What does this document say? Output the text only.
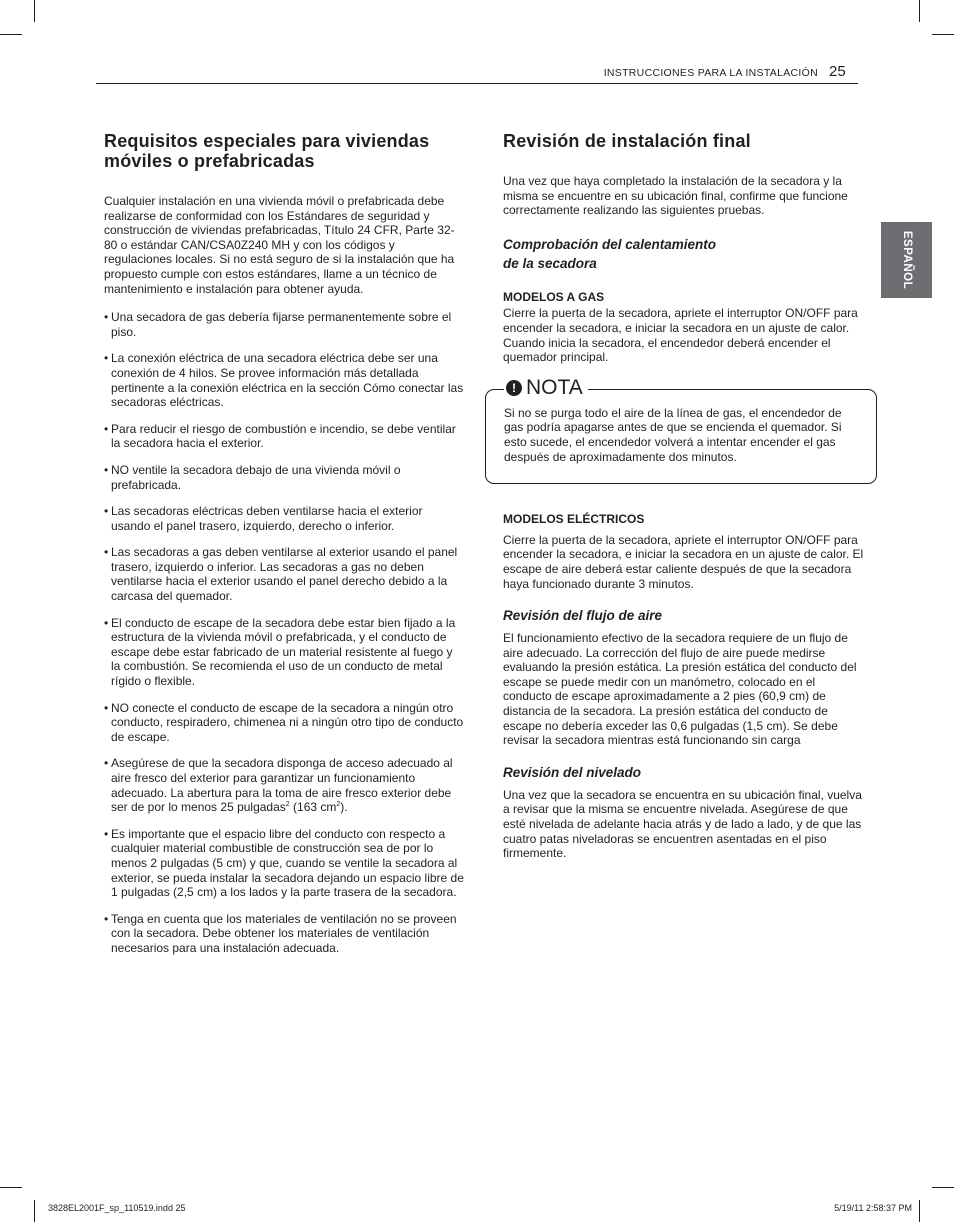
INSTRUCCIONES PARA LA INSTALACIÓN 25
ESPAÑOL
Requisitos especiales para viviendas móviles o prefabricadas

Cualquier instalación en una vivienda móvil o prefabricada debe realizarse de conformidad con los Estándares de seguridad y construcción de viviendas prefabricadas, Título 24 CFR, Parte 32-80 o estándar CAN/CSA0Z240 MH y con los códigos y regulaciones locales. Si no está seguro de si la instalación que ha propuesto cumple con estos estándares, llame a un técnico de mantenimiento e instalación para obtener ayuda.

• Una secadora de gas debería fijarse permanentemente sobre el piso.
• La conexión eléctrica de una secadora eléctrica debe ser una conexión de 4 hilos. Se provee información más detallada pertinente a la conexión eléctrica en la sección Cómo conectar las secadoras eléctricas.
• Para reducir el riesgo de combustión e incendio, se debe ventilar la secadora hacia el exterior.
• NO ventile la secadora debajo de una vivienda móvil o prefabricada.
• Las secadoras eléctricas deben ventilarse hacia el exterior usando el panel trasero, izquierdo, derecho o inferior.
• Las secadoras a gas deben ventilarse al exterior usando el panel trasero, izquierdo o inferior. Las secadoras a gas no deben ventilarse hacia el exterior usando el panel derecho debido a la carcasa del quemador.
• El conducto de escape de la secadora debe estar bien fijado a la estructura de la vivienda móvil o prefabricada, y el conducto de escape debe estar fabricado de un material resistente al fuego y la combustión. Se recomienda el uso de un conducto de metal rígido o flexible.
• NO conecte el conducto de escape de la secadora a ningún otro conducto, respiradero, chimenea ni a ningún otro tipo de conducto de escape.
• Asegúrese de que la secadora disponga de acceso adecuado al aire fresco del exterior para garantizar un funcionamiento adecuado. La abertura para la toma de aire fresco exterior debe ser de por lo menos 25 pulgadas$^2$ (163 $cm^2$).
• Es importante que el espacio libre del conducto con respecto a cualquier material combustible de construcción sea de por lo menos 2 pulgadas (5 cm) y que, cuando se ventile la secadora al exterior, se pueda instalar la secadora dejando un espacio libre de 1 pulgadas (2,5 cm) a los lados y la parte trasera de la secadora.
• Tenga en cuenta que los materiales de ventilación no se proveen con la secadora. Debe obtener los materiales de ventilación necesarios para una instalación adecuada.
Revisión de instalación final

Una vez que haya completado la instalación de la secadora y la misma se encuentre en su ubicación final, confirme que funcione correctamente realizando las siguientes pruebas.

Comprobación del calentamiento
de la secadora
MODELOS A GAS

Cierre la puerta de la secadora, apriete el interruptor ON/OFF para encender la secadora, e iniciar la secadora en un ajuste de calor. Cuando inicia la secadora, el encendedor deberá encender el quemador principal.

! NOTA

Si no se purga todo el aire de la línea de gas, el encendedor de gas podría apagarse antes de que se encienda el quemador. Si esto sucede, el encendedor volverá a intentar encender el gas después de aproximadamente dos minutos.

MODELOS ELÉCTRICOS

Cierre la puerta de la secadora, apriete el interruptor ON/OFF para encender la secadora, e iniciar la secadora en un ajuste de calor. El escape de aire deberá estar caliente después de que la secadora haya funcionado durante 3 minutos.

Revisión del flujo de aire

El funcionamiento efectivo de la secadora requiere de un flujo de aire adecuado. La corrección del flujo de aire puede medirse evaluando la presión estática. La presión estática del conducto del escape se puede medir con un manómetro, colocado en el conducto de escape aproximadamente a 2 pies (60,9 cm) de distancia de la secadora. La presión estática del conducto de escape no debería exceder las 0,6 pulgadas (1,5 cm). Se debe revisar la secadora mientras está funcionando sin carga

Revisión del nivelado

Una vez que la secadora se encuentra en su ubicación final, vuelva a revisar que la misma se encuentre nivelada. Asegúrese de que esté nivelada de adelante hacia atrás y de lado a lado, y de que las cuatro patas niveladoras se encuentren asentadas en el piso firmemente.

3828EL2001F_sp_110519.indd 25	5/19/11 2:58:37 PM
